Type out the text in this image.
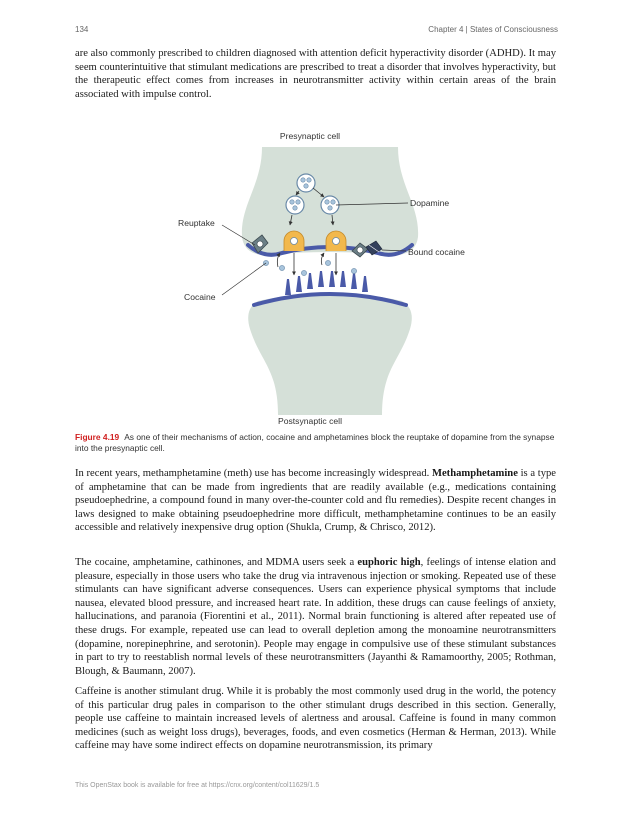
134	Chapter 4 | States of Consciousness

are also commonly prescribed to children diagnosed with attention deficit hyperactivity disorder (ADHD). It may seem counterintuitive that stimulant medications are prescribed to treat a disorder that involves hyperactivity, but the therapeutic effect comes from increases in neurotransmitter activity within certain areas of the brain associated with impulse control.

Presynaptic cell
Dopamine
Reuptake
Bound cocaine
Cocaine
Postsynaptic cell
Figure 4.19 As one of their mechanisms of action, cocaine and amphetamines block the reuptake of dopamine from the synapse into the presynaptic cell.

In recent years, methamphetamine (meth) use has become increasingly widespread. Methamphetamine is a type of amphetamine that can be made from ingredients that are readily available (e.g., medications containing pseudoephedrine, a compound found in many over-the-counter cold and flu remedies). Despite recent changes in laws designed to make obtaining pseudoephedrine more difficult, methamphetamine continues to be an easily accessible and relatively inexpensive drug option (Shukla, Crump, & Chrisco, 2012).

The cocaine, amphetamine, cathinones, and MDMA users seek a euphoric high, feelings of intense elation and pleasure, especially in those users who take the drug via intravenous injection or smoking. Repeated use of these stimulants can have significant adverse consequences. Users can experience physical symptoms that include nausea, elevated blood pressure, and increased heart rate. In addition, these drugs can cause feelings of anxiety, hallucinations, and paranoia (Fiorentini et al., 2011). Normal brain functioning is altered after repeated use of these drugs. For example, repeated use can lead to overall depletion among the monoamine neurotransmitters (dopamine, norepinephrine, and serotonin). People may engage in compulsive use of these stimulant substances in part to try to reestablish normal levels of these neurotransmitters (Jayanthi & Ramamoorthy, 2005; Rothman, Blough, & Baumann, 2007).

Caffeine is another stimulant drug. While it is probably the most commonly used drug in the world, the potency of this particular drug pales in comparison to the other stimulant drugs described in this section. Generally, people use caffeine to maintain increased levels of alertness and arousal. Caffeine is found in many common medicines (such as weight loss drugs), beverages, foods, and even cosmetics (Herman & Herman, 2013). While caffeine may have some indirect effects on dopamine neurotransmission, its primary

This OpenStax book is available for free at https://cnx.org/content/col11629/1.5
